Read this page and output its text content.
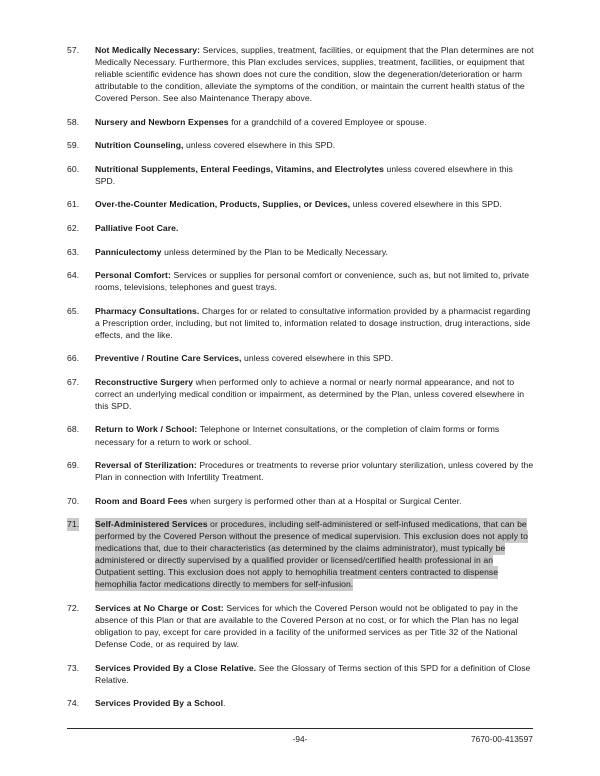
57.	Not Medically Necessary: Services, supplies, treatment, facilities, or equipment that the Plan determines are not Medically Necessary. Furthermore, this Plan excludes services, supplies, treatment, facilities, or equipment that reliable scientific evidence has shown does not cure the condition, slow the degeneration/deterioration or harm attributable to the condition, alleviate the symptoms of the condition, or maintain the current health status of the Covered Person. See also Maintenance Therapy above.
58.	Nursery and Newborn Expenses for a grandchild of a covered Employee or spouse.
59.	Nutrition Counseling, unless covered elsewhere in this SPD.
60.	Nutritional Supplements, Enteral Feedings, Vitamins, and Electrolytes unless covered elsewhere in this SPD.
61.	Over-the-Counter Medication, Products, Supplies, or Devices, unless covered elsewhere in this SPD.
62.	Palliative Foot Care.
63.	Panniculectomy unless determined by the Plan to be Medically Necessary.
64.	Personal Comfort: Services or supplies for personal comfort or convenience, such as, but not limited to, private rooms, televisions, telephones and guest trays.
65.	Pharmacy Consultations. Charges for or related to consultative information provided by a pharmacist regarding a Prescription order, including, but not limited to, information related to dosage instruction, drug interactions, side effects, and the like.
66.	Preventive / Routine Care Services, unless covered elsewhere in this SPD.
67.	Reconstructive Surgery when performed only to achieve a normal or nearly normal appearance, and not to correct an underlying medical condition or impairment, as determined by the Plan, unless covered elsewhere in this SPD.
68.	Return to Work / School: Telephone or Internet consultations, or the completion of claim forms or forms necessary for a return to work or school.
69.	Reversal of Sterilization: Procedures or treatments to reverse prior voluntary sterilization, unless covered by the Plan in connection with Infertility Treatment.
70.	Room and Board Fees when surgery is performed other than at a Hospital or Surgical Center.
71.	Self-Administered Services or procedures, including self-administered or self-infused medications, that can be performed by the Covered Person without the presence of medical supervision. This exclusion does not apply to medications that, due to their characteristics (as determined by the claims administrator), must typically be administered or directly supervised by a qualified provider or licensed/certified health professional in an Outpatient setting. This exclusion does not apply to hemophilia treatment centers contracted to dispense hemophilia factor medications directly to members for self-infusion.
72.	Services at No Charge or Cost: Services for which the Covered Person would not be obligated to pay in the absence of this Plan or that are available to the Covered Person at no cost, or for which the Plan has no legal obligation to pay, except for care provided in a facility of the uniformed services as per Title 32 of the National Defense Code, or as required by law.
73.	Services Provided By a Close Relative. See the Glossary of Terms section of this SPD for a definition of Close Relative.
74.	Services Provided By a School.
-94-	7670-00-413597
